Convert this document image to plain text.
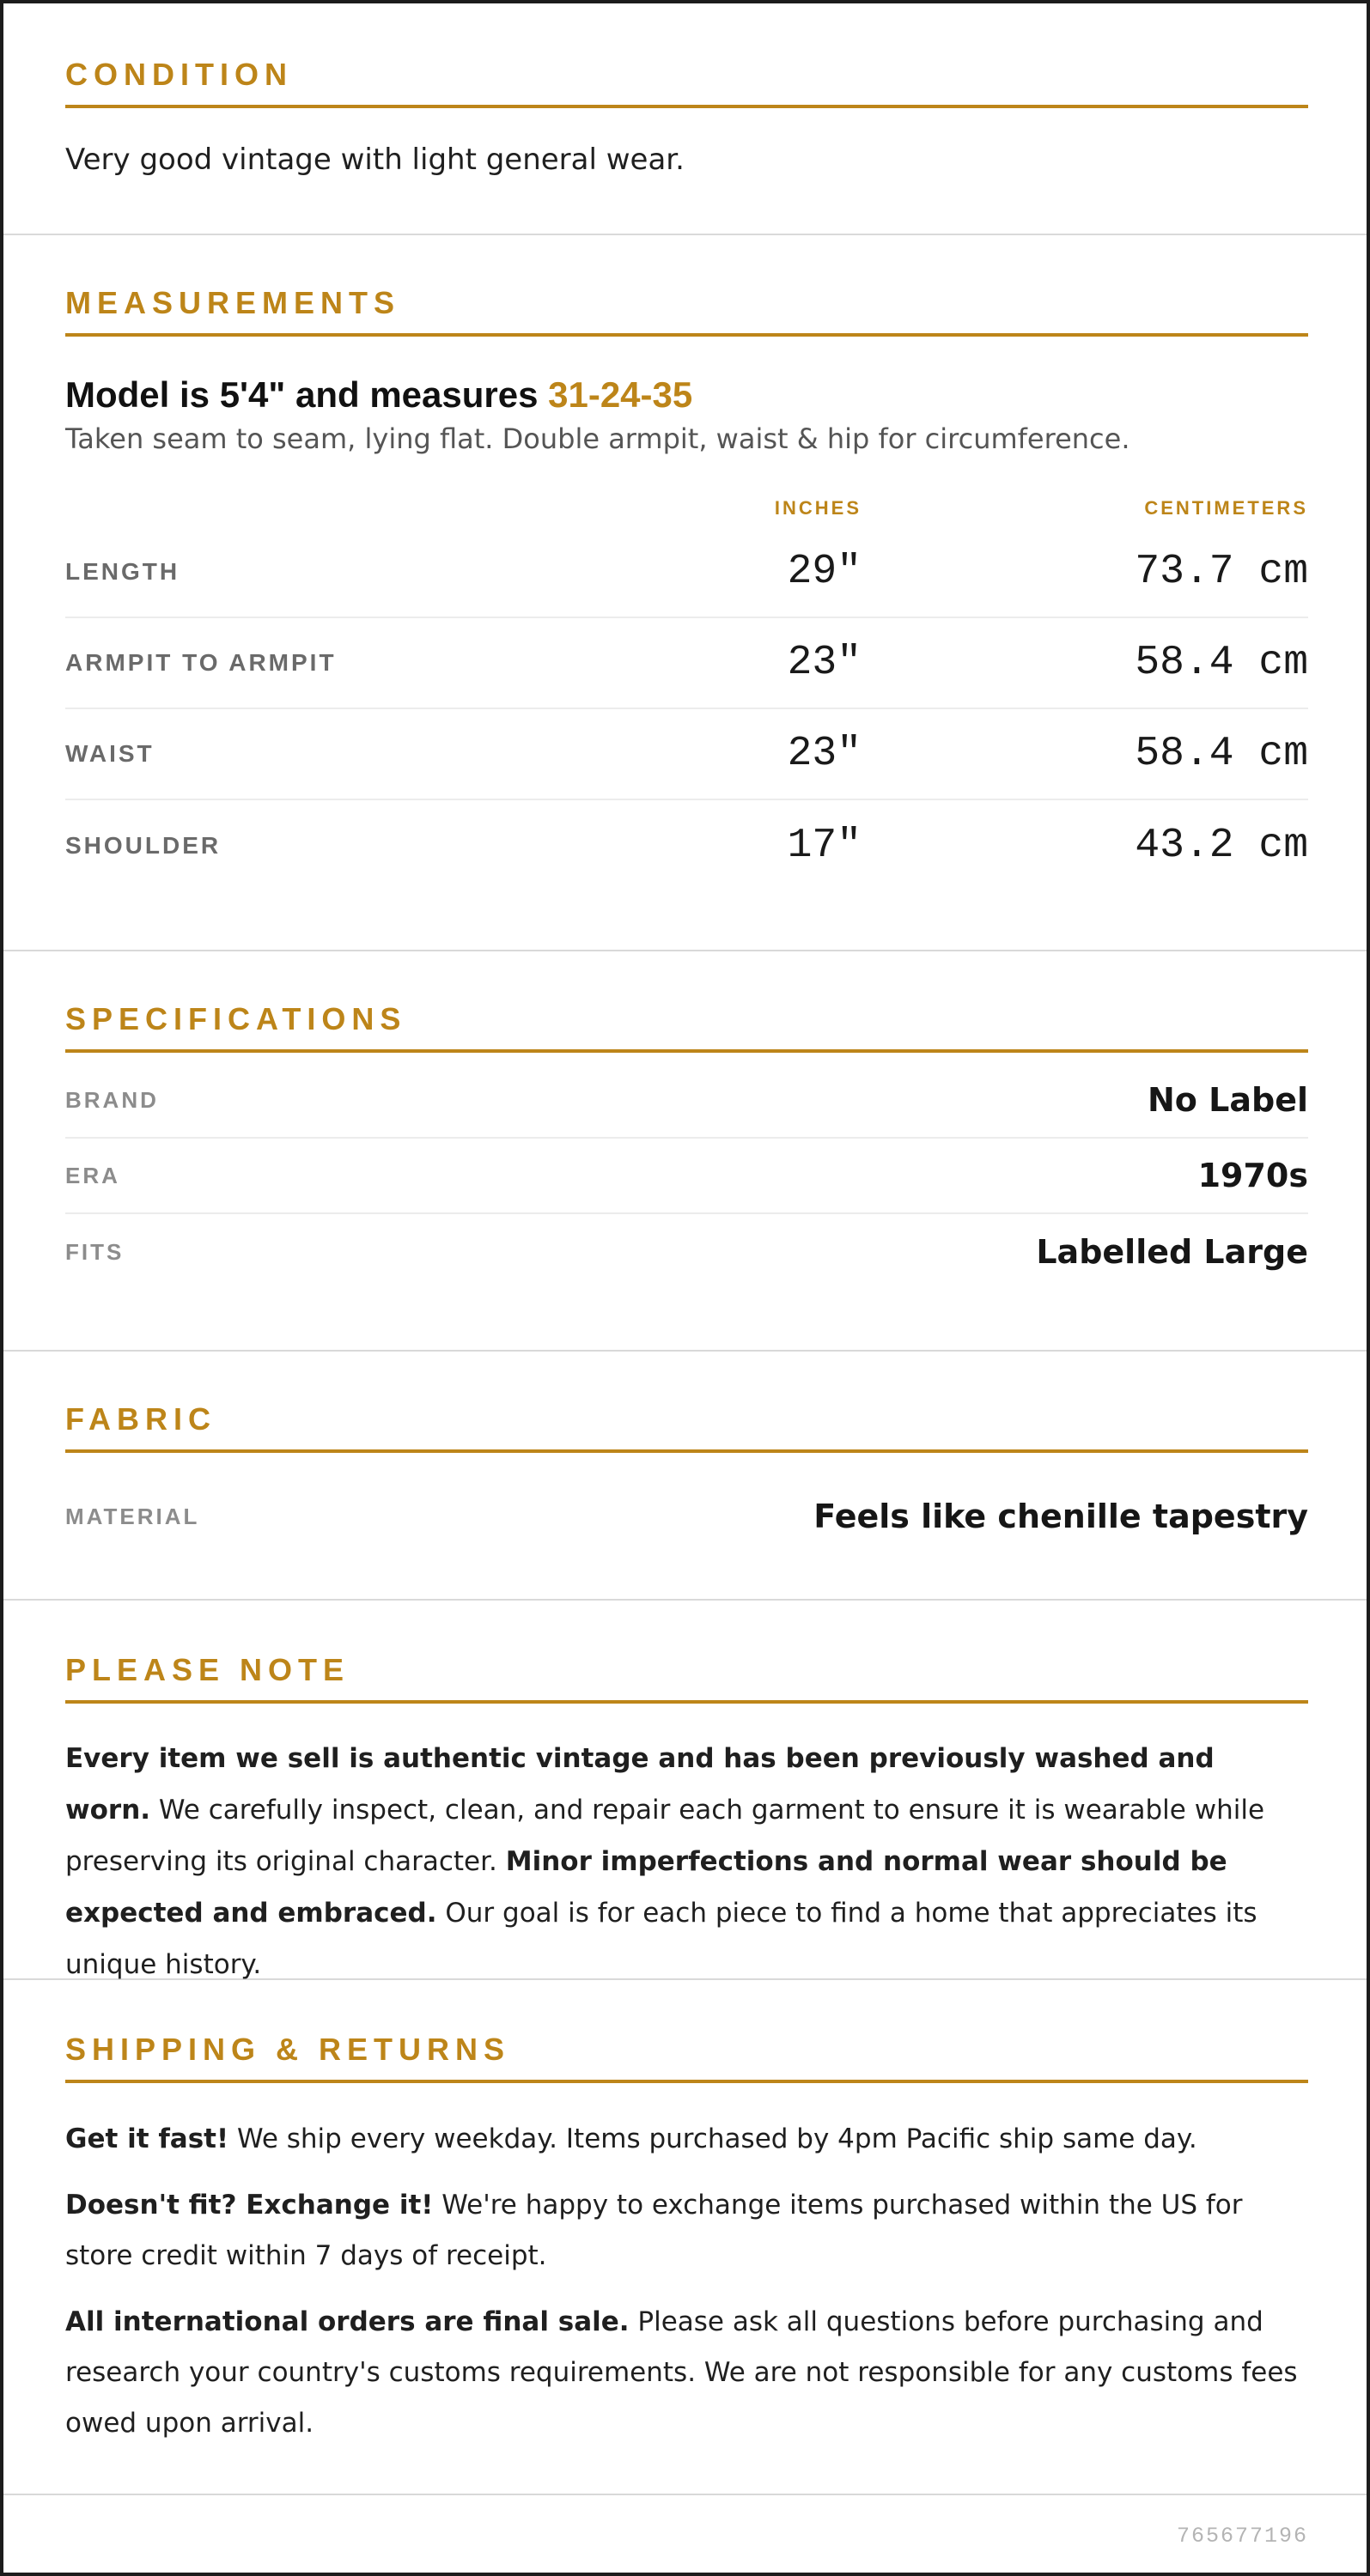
CONDITION

Very good vintage with light general wear.

MEASUREMENTS
Model is 5'4" and measures 31-24-35

Taken seam to seam, lying flat. Double armpit, waist & hip for circumference.

INCHES	CENTIMETERS
LENGTH	29"	73.7 cm
ARMPIT TO ARMPIT	23"	58.4 cm
WAIST	23"	58.4 cm
SHOULDER	17"	43.2 cm
SPECIFICATIONS
BRAND	No Label
ERA	1970s
FITS	Labelled Large
FABRIC
MATERIAL	Feels like chenille tapestry
PLEASE NOTE

Every item we sell is authentic vintage and has been previously washed and worn. We carefully inspect, clean, and repair each garment to ensure it is wearable while preserving its original character. Minor imperfections and normal wear should be expected and embraced. Our goal is for each piece to find a home that appreciates its unique history.

SHIPPING & RETURNS

Get it fast! We ship every weekday. Items purchased by 4pm Pacific ship same day.

Doesn't fit? Exchange it! We're happy to exchange items purchased within the US for store credit within 7 days of receipt.

All international orders are final sale. Please ask all questions before purchasing and research your country's customs requirements. We are not responsible for any customs fees owed upon arrival.

765677196
